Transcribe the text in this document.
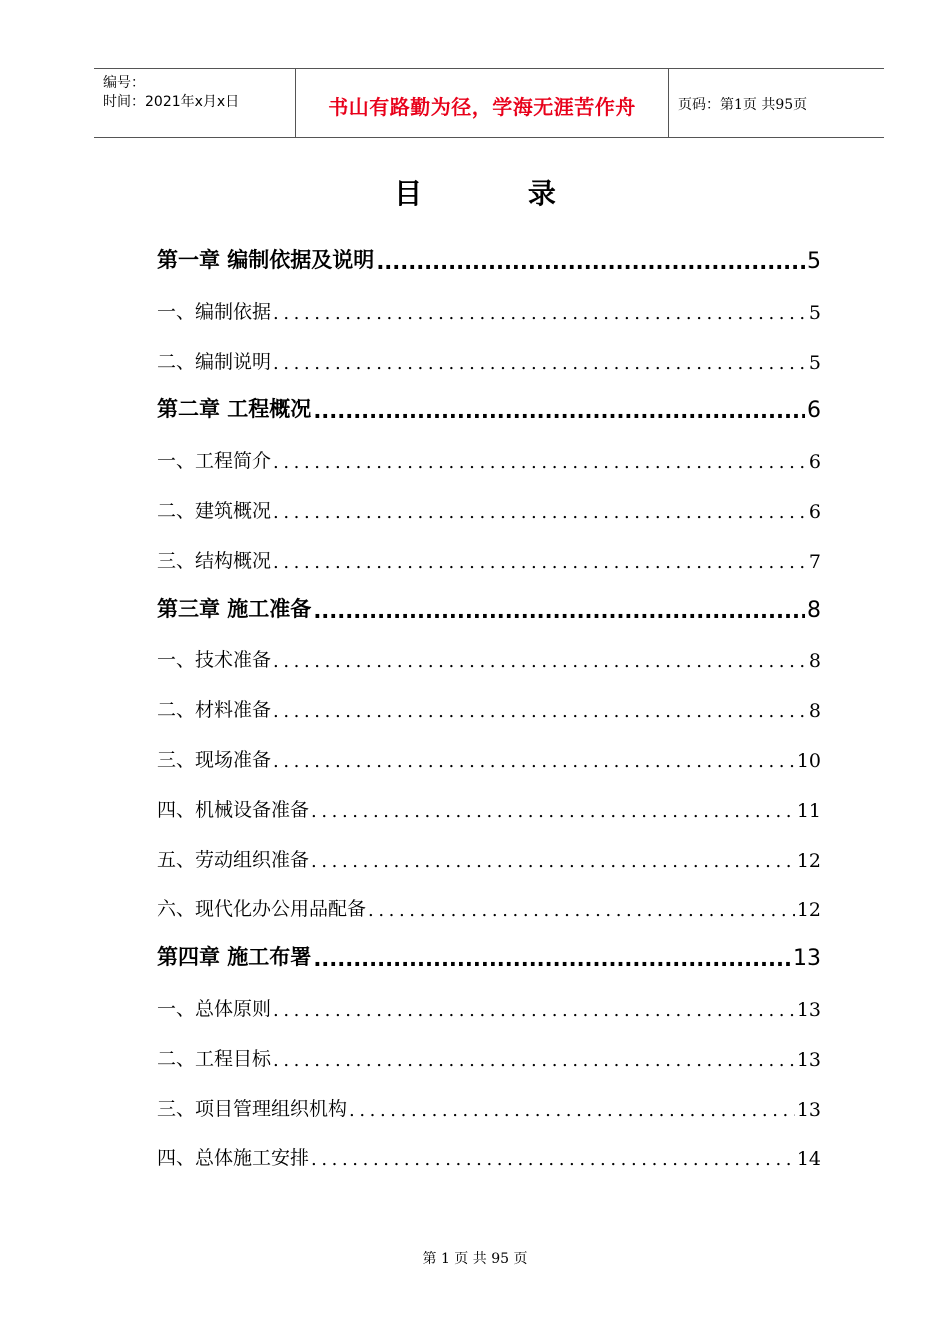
编号：
时间：2021年x月x日	书山有路勤为径，学海无涯苦作舟	页码：第1页 共95页
目 录
第一章 编制依据及说明 .....	5
一、编制依据 .....	5
二、编制说明 .....	5
第二章 工程概况 .....	6
一、工程简介 .....	6
二、建筑概况 .....	6
三、结构概况 .....	7
第三章 施工准备 .....	8
一、技术准备 .....	8
二、材料准备 .....	8
三、现场准备 .....	10
四、机械设备准备 .....	11
五、劳动组织准备 .....	12
六、现代化办公用品配备 .....	12
第四章 施工布署 .....	13
一、总体原则 .....	13
二、工程目标 .....	13
三、项目管理组织机构 .....	13
四、总体施工安排 .....	14
第 1 页 共 95 页
